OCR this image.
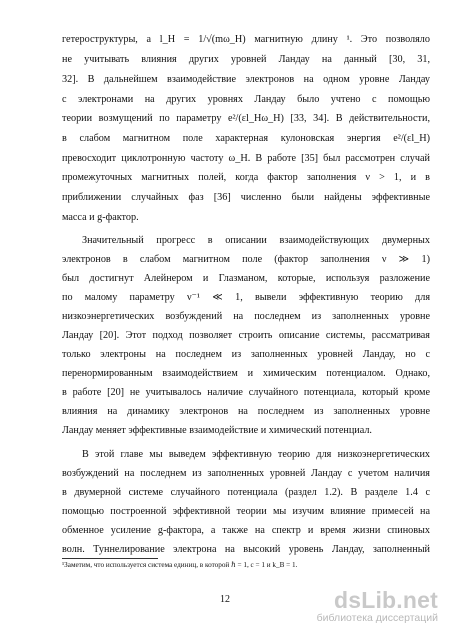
гетероструктуры, а l_H = 1/√(mω_H) магнитную длину ¹. Это позволяло
не учитывать влияния других уровней Ландау на данный [30, 31,
32]. В дальнейшем взаимодействие электронов на одном уровне Ландау
с электронами на других уровнях Ландау было учтено с помощью
теории возмущений по параметру e²/(εl_Hω_H) [33, 34]. В действительности,
в слабом магнитном поле характерная кулоновская энергия e²/(εl_H)
превосходит циклотронную частоту ω_H. В работе [35] был рассмотрен случай
промежуточных магнитных полей, когда фактор заполнения ν > 1, и в
приближении случайных фаз [36] численно были найдены эффективные
масса и g-фактор.
Значительный прогресс в описании взаимодействующих двумерных
электронов в слабом магнитном поле (фактор заполнения ν ≫ 1)
был достигнут Алейнером и Глазманом, которые, используя разложение
по малому параметру ν⁻¹ ≪ 1, вывели эффективную теорию для
низкоэнергетических возбуждений на последнем из заполненных уровне
Ландау [20]. Этот подход позволяет строить описание системы, рассматривая
только электроны на последнем из заполненных уровней Ландау, но с
перенормированным взаимодействием и химическим потенциалом. Однако,
в работе [20] не учитывалось наличие случайного потенциала, который кроме
влияния на динамику электронов на последнем из заполненных уровне
Ландау меняет эффективные взаимодействие и химический потенциал.
В этой главе мы выведем эффективную теорию для низкоэнергетических
возбуждений на последнем из заполненных уровней Ландау с учетом наличия
в двумерной системе случайного потенциала (раздел 1.2). В разделе 1.4 с
помощью построенной эффективной теории мы изучим влияние примесей на
обменное усиление g-фактора, а также на спектр и время жизни спиновых
волн. Туннелирование электрона на высокий уровень Ландау, заполненный
¹Заметим, что используется система единиц, в которой ℏ = 1, c = 1 и k_B = 1.
12	dsLib.net
библиотека диссертаций
